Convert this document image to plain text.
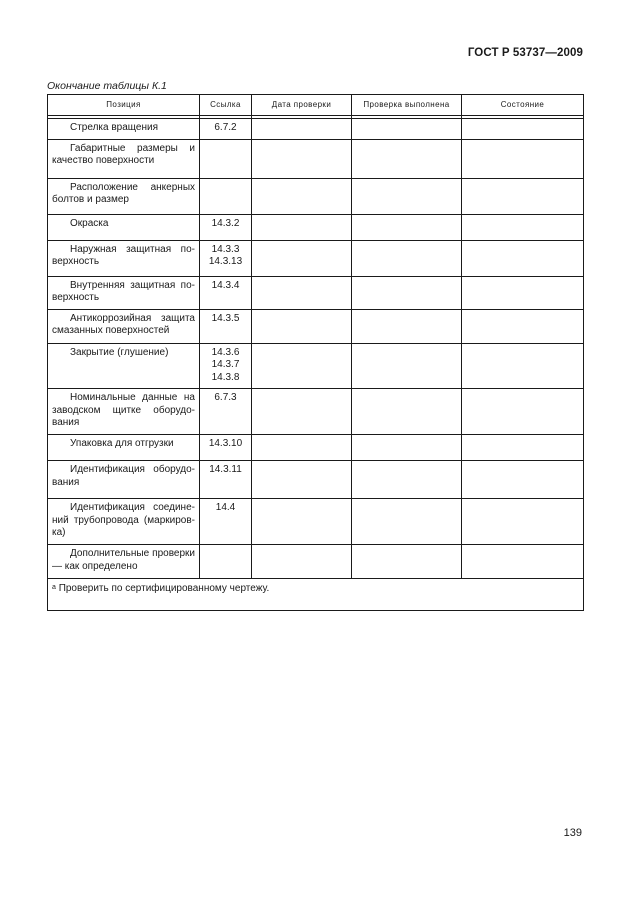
ГОСТ Р 53737—2009
Окончание таблицы К.1
Позиция	Ссылка	Дата проверки	Проверка выполнена	Состояние

Стрелка вращения	6.7.2			

Габаритные размеры и качество поверхности				
Расположение анкерных болтов и размер				
Окраска	14.3.2			

Наружная защитная поверхность	14.3.3
14.3.13			

Внутренняя защитная поверхность	14.3.4			

Антикоррозийная защита смазанных поверхностей	14.3.5			

Закрытие (глушение)	14.3.6
14.3.7
14.3.8			

Номинальные данные на заводском щитке оборудования	6.7.3			

Упаковка для отгрузки	14.3.10			

Идентификация оборудования	14.3.11			

Идентификация соединений трубопровода (маркировка)	14.4			

Дополнительные проверки — как определено				
$^a$ Проверить по сертифицированному чертежу.				
139
